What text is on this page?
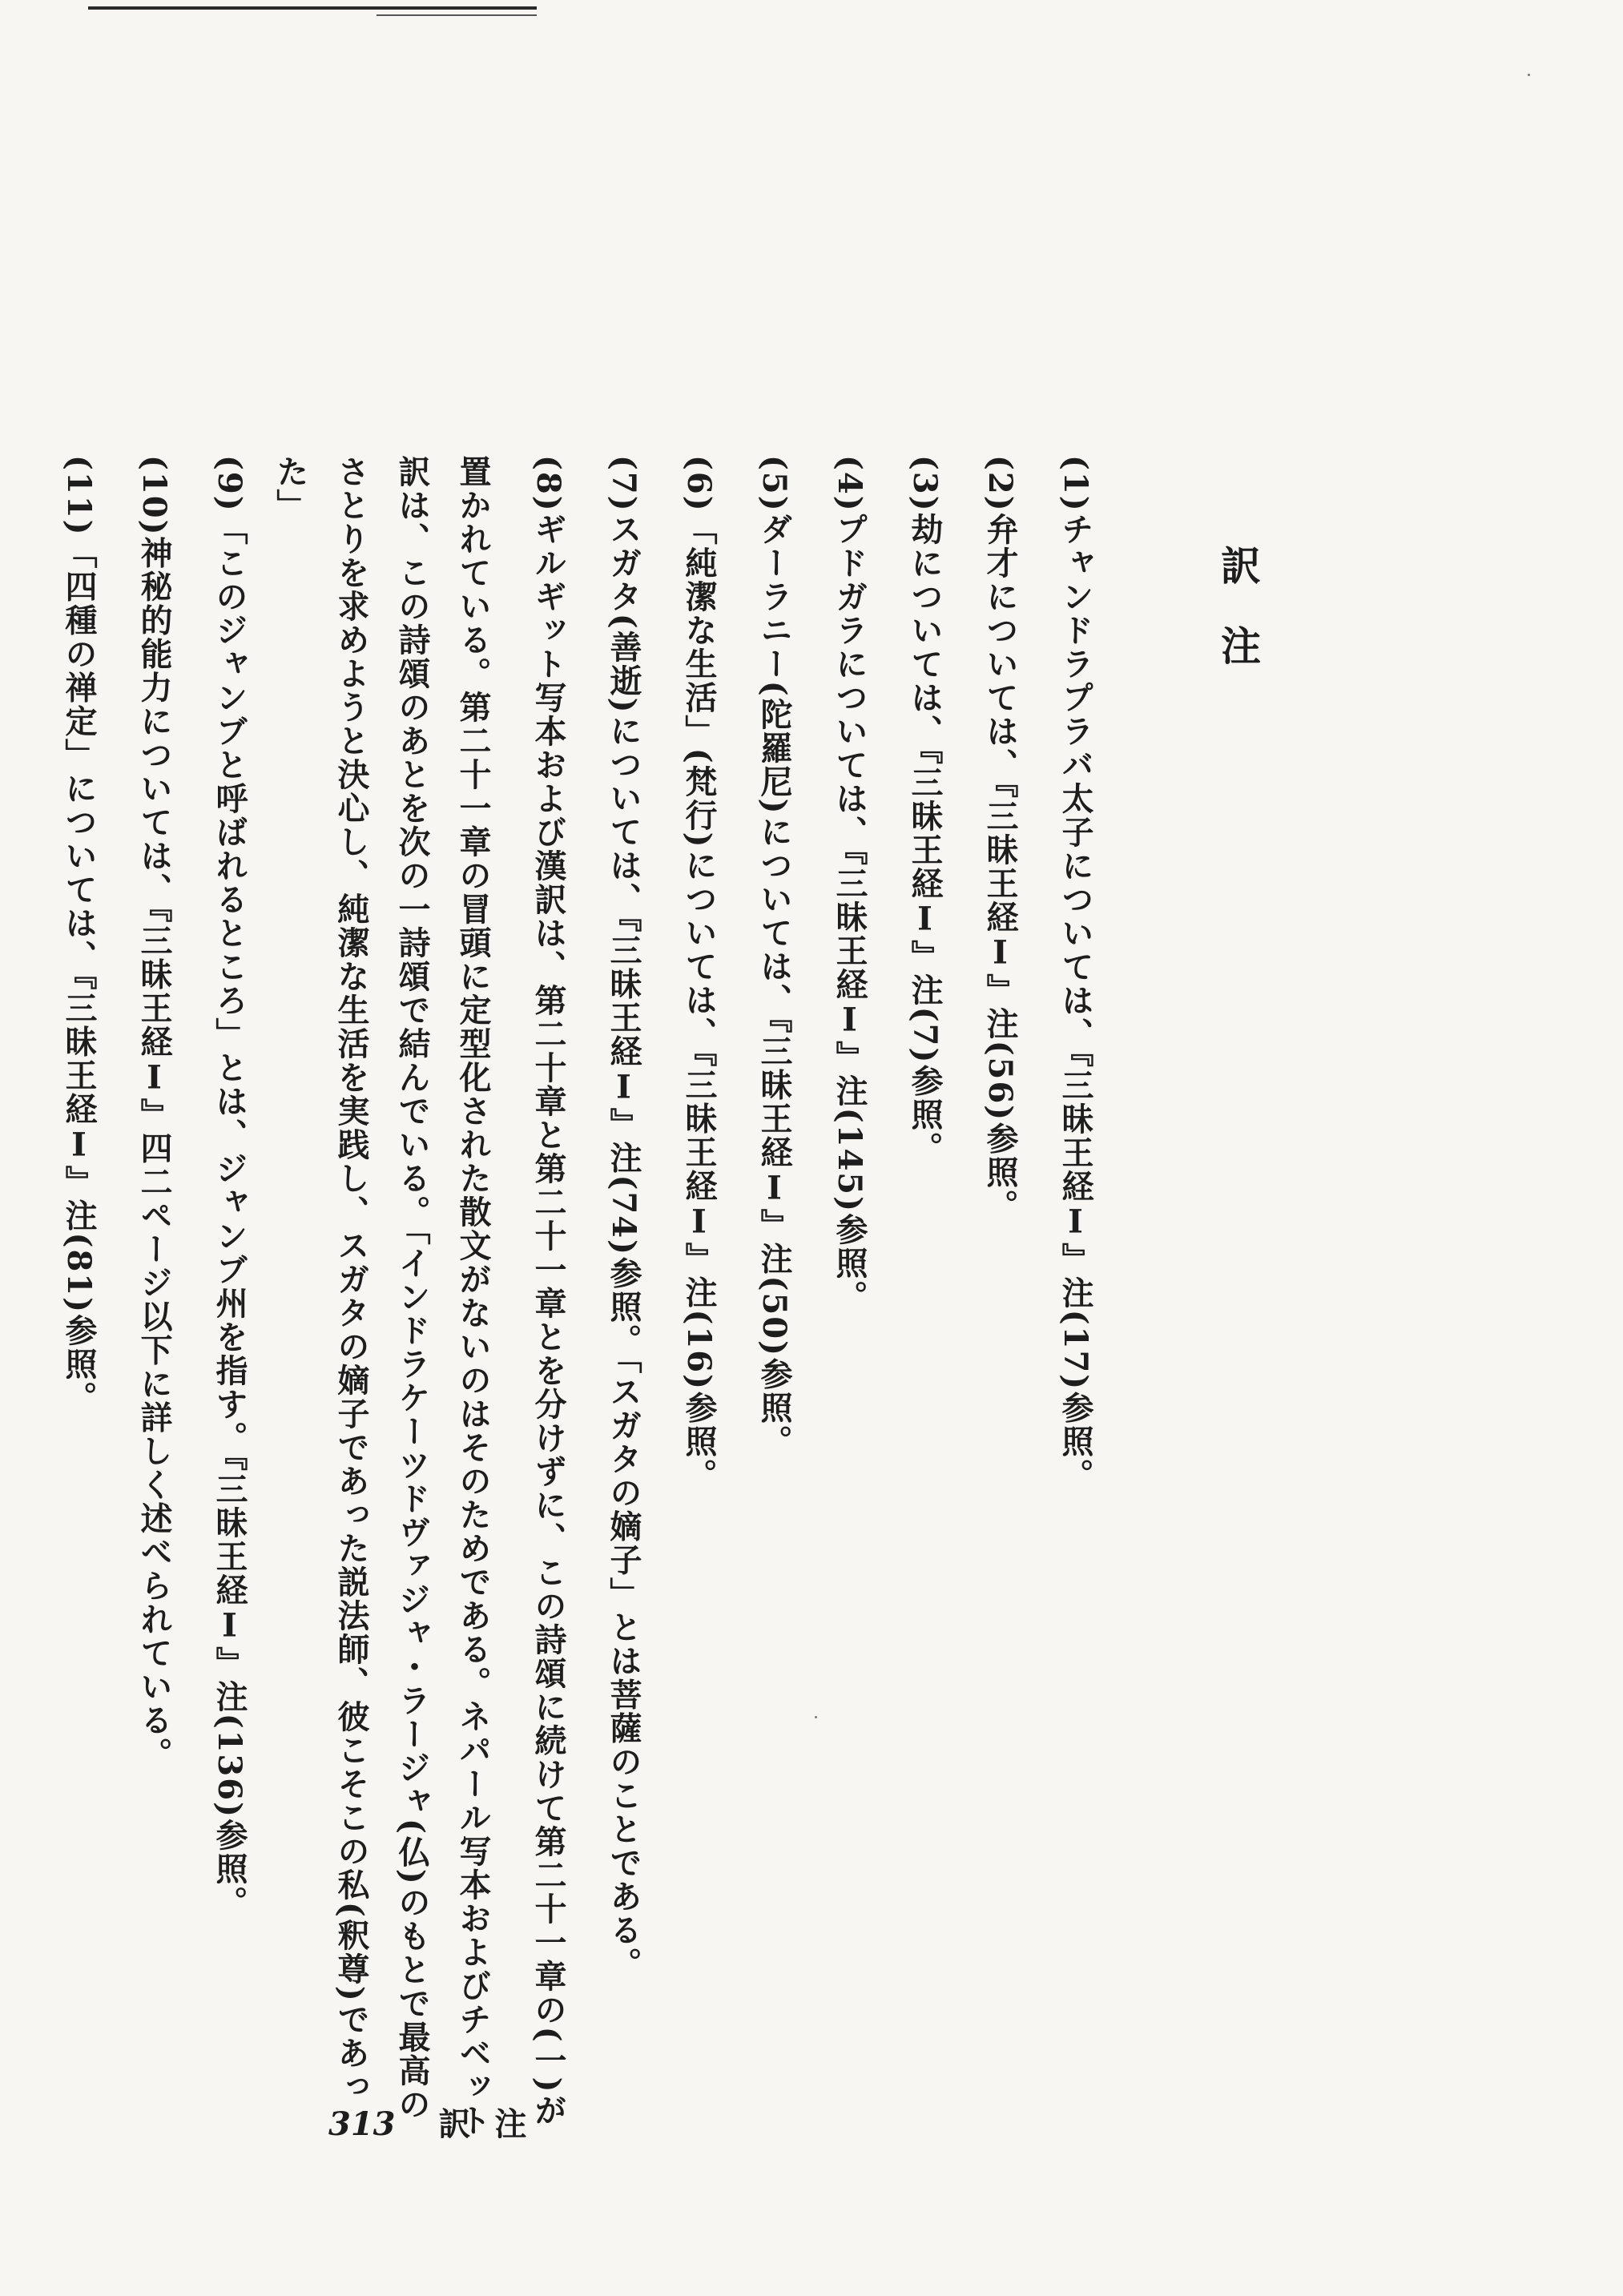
訳注

(1)チャンドラプラバ太子については、『三昧王経Ⅰ』注(17)参照。

(2)弁才については、『三昧王経Ⅰ』注(56)参照。

(3)劫については、『三昧王経Ⅰ』注(7)参照。

(4)プドガラについては、『三昧王経Ⅰ』注(145)参照。

(5)ダーラニー(陀羅尼)については、『三昧王経Ⅰ』注(50)参照。

(6)「純潔な生活」(梵行)については、『三昧王経Ⅰ』注(16)参照。

(7)スガタ(善逝)については、『三昧王経Ⅰ』注(74)参照。「スガタの嫡子」とは菩薩のことである。

(8)ギルギット写本および漢訳は、第二十章と第二十一章とを分けずに、この詩頌に続けて第二十一章の(一)が置かれている。第二十一章の冒頭に定型化された散文がないのはそのためである。ネパール写本およびチベット訳は、この詩頌のあとを次の一詩頌で結んでいる。「インドラケーツドヴァジャ・ラージャ(仏)のもとで最高のさとりを求めようと決心し、純潔な生活を実践し、スガタの嫡子であった説法師、彼こそこの私(釈尊)であった」

(9)「このジャンブと呼ばれるところ」とは、ジャンブ州を指す。『三昧王経Ⅰ』注(136)参照。

(10)神秘的能力については、『三昧王経Ⅰ』四二ページ以下に詳しく述べられている。

(11)「四種の禅定」については、『三昧王経Ⅰ』注(81)参照。

313 訳注
